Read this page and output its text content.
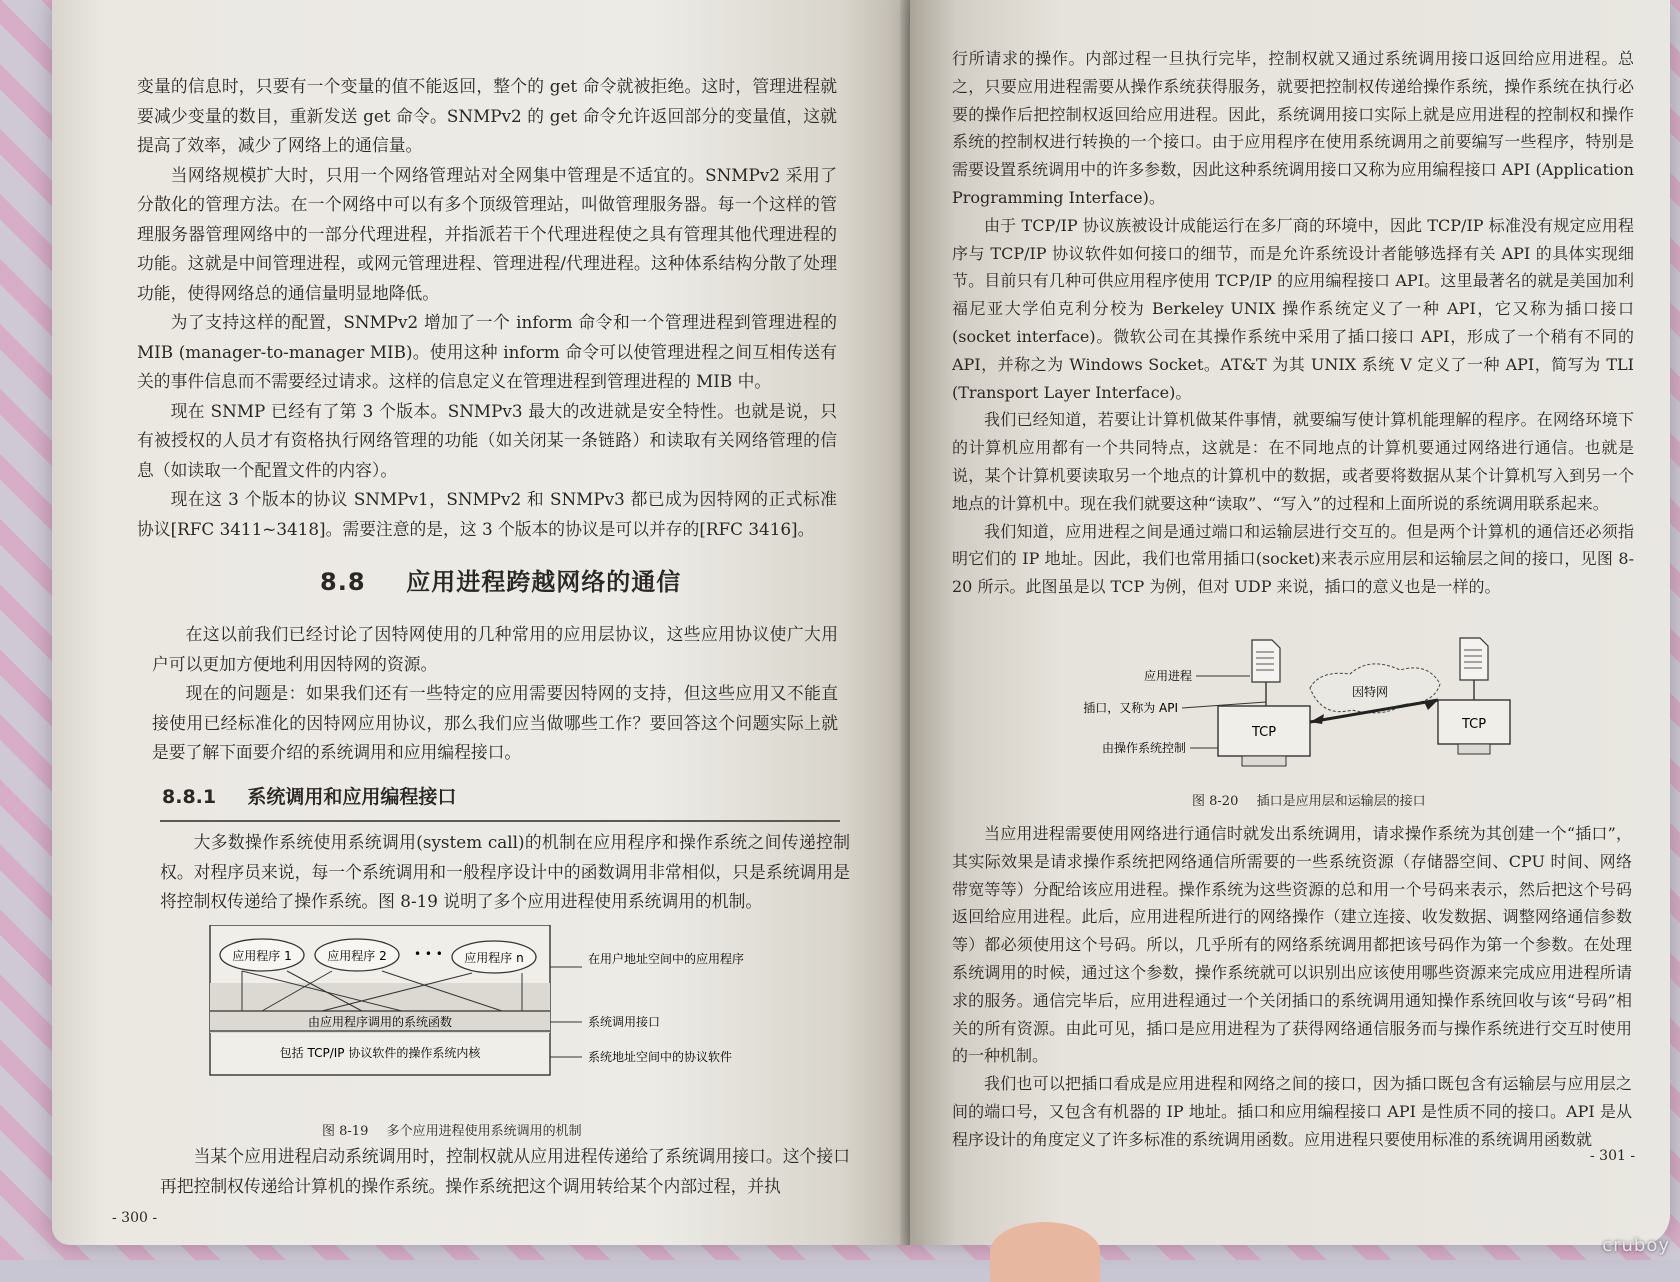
变量的信息时，只要有一个变量的值不能返回，整个的 get 命令就被拒绝。这时，管理进程就要减少变量的数目，重新发送 get 命令。SNMPv2 的 get 命令允许返回部分的变量值，这就提高了效率，减少了网络上的通信量。

当网络规模扩大时，只用一个网络管理站对全网集中管理是不适宜的。SNMPv2 采用了分散化的管理方法。在一个网络中可以有多个顶级管理站，叫做管理服务器。每一个这样的管理服务器管理网络中的一部分代理进程，并指派若干个代理进程使之具有管理其他代理进程的功能。这就是中间管理进程，或网元管理进程、管理进程/代理进程。这种体系结构分散了处理功能，使得网络总的通信量明显地降低。

为了支持这样的配置，SNMPv2 增加了一个 inform 命令和一个管理进程到管理进程的 MIB (manager-to-manager MIB)。使用这种 inform 命令可以使管理进程之间互相传送有关的事件信息而不需要经过请求。这样的信息定义在管理进程到管理进程的 MIB 中。

现在 SNMP 已经有了第 3 个版本。SNMPv3 最大的改进就是安全特性。也就是说，只有被授权的人员才有资格执行网络管理的功能（如关闭某一条链路）和读取有关网络管理的信息（如读取一个配置文件的内容）。

现在这 3 个版本的协议 SNMPv1，SNMPv2 和 SNMPv3 都已成为因特网的正式标准协议[RFC 3411~3418]。需要注意的是，这 3 个版本的协议是可以并存的[RFC 3416]。

8.8 应用进程跨越网络的通信

在这以前我们已经讨论了因特网使用的几种常用的应用层协议，这些应用协议使广大用户可以更加方便地利用因特网的资源。

现在的问题是：如果我们还有一些特定的应用需要因特网的支持，但这些应用又不能直接使用已经标准化的因特网应用协议，那么我们应当做哪些工作？要回答这个问题实际上就是要了解下面要介绍的系统调用和应用编程接口。

8.8.1 系统调用和应用编程接口

大多数操作系统使用系统调用(system call)的机制在应用程序和操作系统之间传递控制权。对程序员来说，每一个系统调用和一般程序设计中的函数调用非常相似，只是系统调用是将控制权传递给了操作系统。图 8-19 说明了多个应用进程使用系统调用的机制。

应用程序 1	应用程序 2	应用程序 n
• • •
由应用程序调用的系统函数
包括 TCP/IP 协议软件的操作系统内核
在用户地址空间中的应用程序
系统调用接口
系统地址空间中的协议软件
图 8-19 多个应用进程使用系统调用的机制

当某个应用进程启动系统调用时，控制权就从应用进程传递给了系统调用接口。这个接口再把控制权传递给计算机的操作系统。操作系统把这个调用转给某个内部过程，并执

- 300 -

行所请求的操作。内部过程一旦执行完毕，控制权就又通过系统调用接口返回给应用进程。总之，只要应用进程需要从操作系统获得服务，就要把控制权传递给操作系统，操作系统在执行必要的操作后把控制权返回给应用进程。因此，系统调用接口实际上就是应用进程的控制权和操作系统的控制权进行转换的一个接口。由于应用程序在使用系统调用之前要编写一些程序，特别是需要设置系统调用中的许多参数，因此这种系统调用接口又称为应用编程接口 API (Application Programming Interface)。

由于 TCP/IP 协议族被设计成能运行在多厂商的环境中，因此 TCP/IP 标准没有规定应用程序与 TCP/IP 协议软件如何接口的细节，而是允许系统设计者能够选择有关 API 的具体实现细节。目前只有几种可供应用程序使用 TCP/IP 的应用编程接口 API。这里最著名的就是美国加利福尼亚大学伯克利分校为 Berkeley UNIX 操作系统定义了一种 API，它又称为插口接口(socket interface)。微软公司在其操作系统中采用了插口接口 API，形成了一个稍有不同的 API，并称之为 Windows Socket。AT&T 为其 UNIX 系统 V 定义了一种 API，简写为 TLI (Transport Layer Interface)。

我们已经知道，若要让计算机做某件事情，就要编写使计算机能理解的程序。在网络环境下的计算机应用都有一个共同特点，这就是：在不同地点的计算机要通过网络进行通信。也就是说，某个计算机要读取另一个地点的计算机中的数据，或者要将数据从某个计算机写入到另一个地点的计算机中。现在我们就要这种“读取”、“写入”的过程和上面所说的系统调用联系起来。

我们知道，应用进程之间是通过端口和运输层进行交互的。但是两个计算机的通信还必须指明它们的 IP 地址。因此，我们也常用插口(socket)来表示应用层和运输层之间的接口，见图 8-20 所示。此图虽是以 TCP 为例，但对 UDP 来说，插口的意义也是一样的。

TCP
TCP
因特网
应用进程
插口，又称为 API
由操作系统控制
图 8-20 插口是应用层和运输层的接口

当应用进程需要使用网络进行通信时就发出系统调用，请求操作系统为其创建一个“插口”，其实际效果是请求操作系统把网络通信所需要的一些系统资源（存储器空间、CPU 时间、网络带宽等等）分配给该应用进程。操作系统为这些资源的总和用一个号码来表示，然后把这个号码返回给应用进程。此后，应用进程所进行的网络操作（建立连接、收发数据、调整网络通信参数等）都必须使用这个号码。所以，几乎所有的网络系统调用都把该号码作为第一个参数。在处理系统调用的时候，通过这个参数，操作系统就可以识别出应该使用哪些资源来完成应用进程所请求的服务。通信完毕后，应用进程通过一个关闭插口的系统调用通知操作系统回收与该“号码”相关的所有资源。由此可见，插口是应用进程为了获得网络通信服务而与操作系统进行交互时使用的一种机制。

我们也可以把插口看成是应用进程和网络之间的接口，因为插口既包含有运输层与应用层之间的端口号，又包含有机器的 IP 地址。插口和应用编程接口 API 是性质不同的接口。API 是从程序设计的角度定义了许多标准的系统调用函数。应用进程只要使用标准的系统调用函数就

- 301 -
cruboy
